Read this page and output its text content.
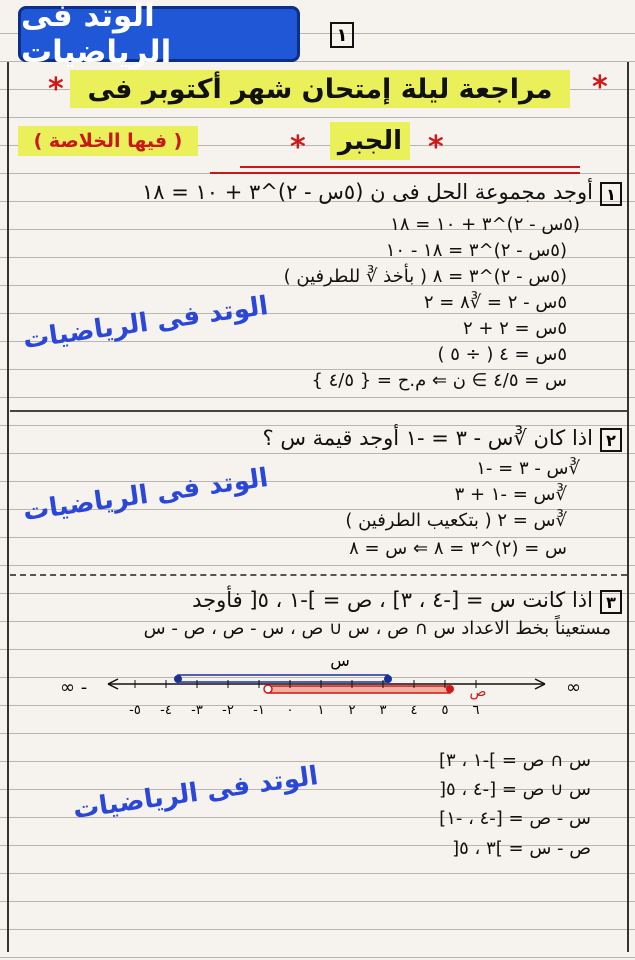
الوتد فى الرياضيات	١
*
مراجعة ليلة إمتحان شهر أكتوبر فى
*
( فيها الخلاصة )	*	الجبر *
١
أوجد مجموعة الحل فى ن (٥س - ٢)^٣ + ١٠ = ١٨
(٥س - ٢)^٣ + ١٠ = ١٨
(٥س - ٢)^٣ = ١٨ - ١٠
(٥س - ٢)^٣ = ٨ ( بأخذ ∛ للطرفين )
٥س - ٢ = ∛٨ = ٢
٥س = ٢ + ٢
٥س = ٤ ( ÷ ٥ )
س = ٤/٥ ∋ ن ⇐ م.ح = { ٤/٥ }
الوتد فى الرياضيات
٢
اذا كان ∛س - ٣ = -١ أوجد قيمة س ؟
∛س - ٣ = -١
∛س = -١ + ٣
∛س = ٢ ( بتكعيب الطرفين )
س = (٢)^٣ = ٨ ⇐ س = ٨
الوتد فى الرياضيات
٣
اذا كانت س = [-٤ ، ٣] ، ص = ]-١ ، ٥[ فأوجد
مستعيناً بخط الاعداد س ∩ ص ، س ∪ ص ، س - ص ، ص - س
س
ص
∞ -	∞
-٥ -٤ -٣ -٢ -١ ٠ ١ ٢ ٣ ٤ ٥ ٦
س ∩ ص = ]-١ ، ٣]
س ∪ ص = [-٤ ، ٥[
س - ص = [-٤ ، -١]
ص - س = ]٣ ، ٥[
الوتد فى الرياضيات
